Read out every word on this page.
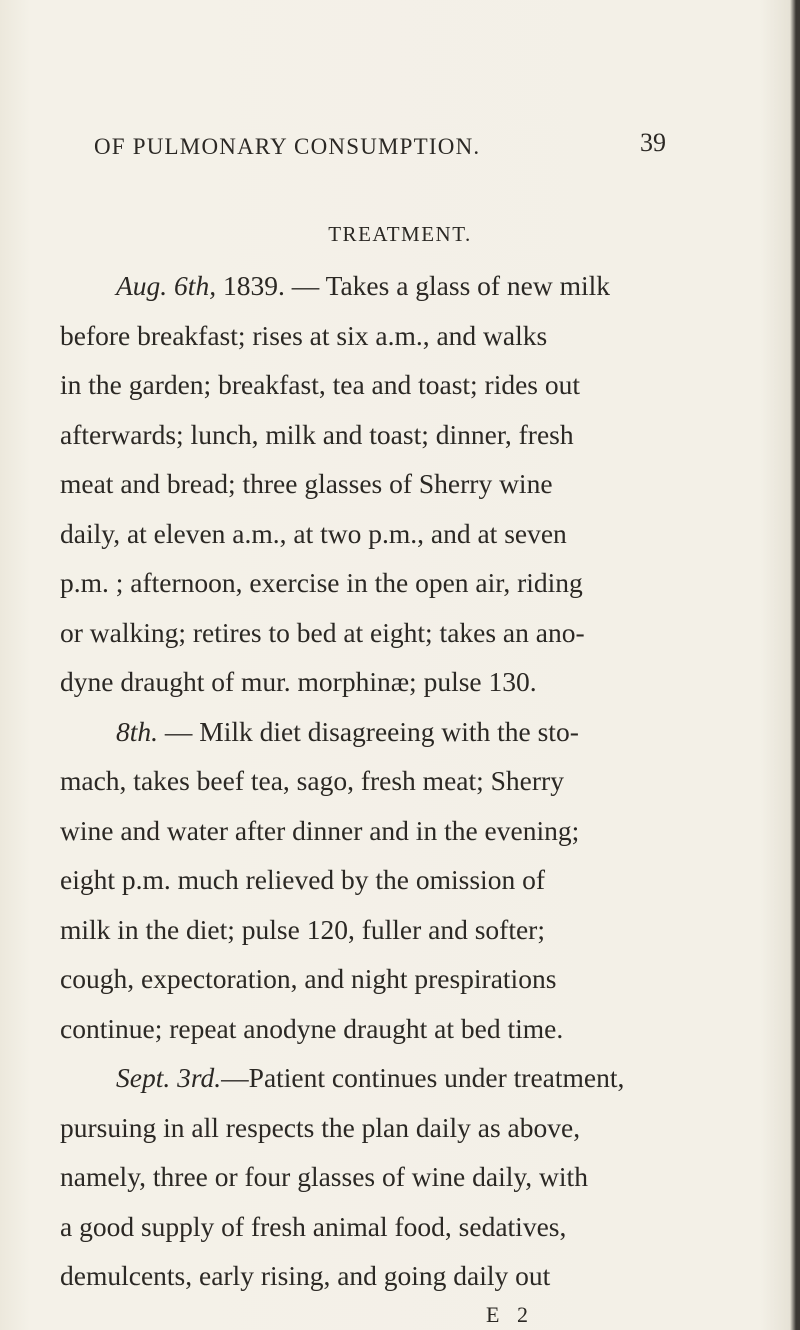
OF PULMONARY CONSUMPTION.	39
TREATMENT.
Aug. 6th, 1839. — Takes a glass of new milk
before breakfast; rises at six a.m., and walks
in the garden; breakfast, tea and toast; rides out
afterwards; lunch, milk and toast; dinner, fresh
meat and bread; three glasses of Sherry wine
daily, at eleven a.m., at two p.m., and at seven
p.m. ; afternoon, exercise in the open air, riding
or walking; retires to bed at eight; takes an ano-
dyne draught of mur. morphinæ; pulse 130.
8th. — Milk diet disagreeing with the sto-
mach, takes beef tea, sago, fresh meat; Sherry
wine and water after dinner and in the evening;
eight p.m. much relieved by the omission of
milk in the diet; pulse 120, fuller and softer;
cough, expectoration, and night prespirations
continue; repeat anodyne draught at bed time.
Sept. 3rd.—Patient continues under treatment,
pursuing in all respects the plan daily as above,
namely, three or four glasses of wine daily, with
E 2
a good supply of fresh animal food, sedatives,
demulcents, early rising, and going daily out
